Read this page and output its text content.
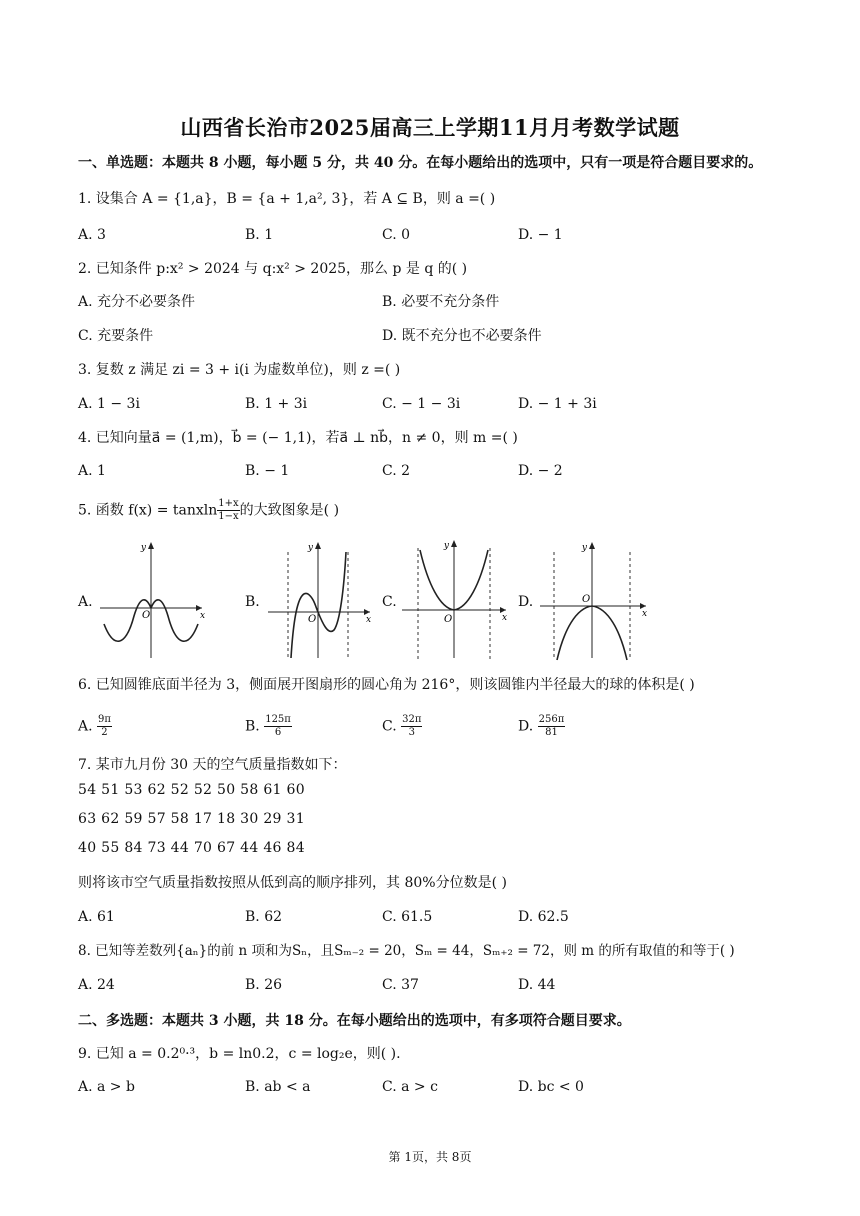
山西省长治市2025届高三上学期11月月考数学试题
一、单选题：本题共 8 小题，每小题 5 分，共 40 分。在每小题给出的选项中，只有一项是符合题目要求的。
1. 设集合 A = {1,a}，B = {a + 1,a², 3}，若 A ⊆ B，则 a =( )
A. 3	B. 1	C. 0	D. − 1
2. 已知条件 p:x² > 2024 与 q:x² > 2025，那么 p 是 q 的( )
A. 充分不必要条件	B. 必要不充分条件
C. 充要条件	D. 既不充分也不必要条件
3. 复数 z 满足 zi = 3 + i(i 为虚数单位)，则 z =( )
A. 1 − 3i	B. 1 + 3i	C. − 1 − 3i	D. − 1 + 3i
4. 已知向量a⃗ = (1,m)，b⃗ = (− 1,1)，若a⃗ ⊥ nb⃗，n ≠ 0，则 m =( )
A. 1	B. − 1	C. 2	D. − 2
5. 函数 f(x) = tanxln $\frac{1+x}{1-x}$ 的大致图象是( )
A.	B.	C.	D.
y
x
O
y
x
O
y
x
O
y
x
O
6. 已知圆锥底面半径为 3，侧面展开图扇形的圆心角为 216°，则该圆锥内半径最大的球的体积是( )
A. $\frac{9\pi}{2}$	B. $\frac{125\pi}{6}$	C. $\frac{32\pi}{3}$	D. $\frac{256\pi}{81}$
7. 某市九月份 30 天的空气质量指数如下：
54 51 53 62 52 52 50 58 61 60
63 62 59 57 58 17 18 30 29 31
40 55 84 73 44 70 67 44 46 84
则将该市空气质量指数按照从低到高的顺序排列，其 80%分位数是( )
A. 61	B. 62	C. 61.5	D. 62.5
8. 已知等差数列{aₙ}的前 n 项和为Sₙ，且Sₘ₋₂ = 20，Sₘ = 44，Sₘ₊₂ = 72，则 m 的所有取值的和等于( )
A. 24	B. 26	C. 37	D. 44
二、多选题：本题共 3 小题，共 18 分。在每小题给出的选项中，有多项符合题目要求。
9. 已知 a = 0.2⁰·³，b = ln0.2，c = log₂e，则( ).
A. a > b	B. ab < a	C. a > c	D. bc < 0
第 1页，共 8页
